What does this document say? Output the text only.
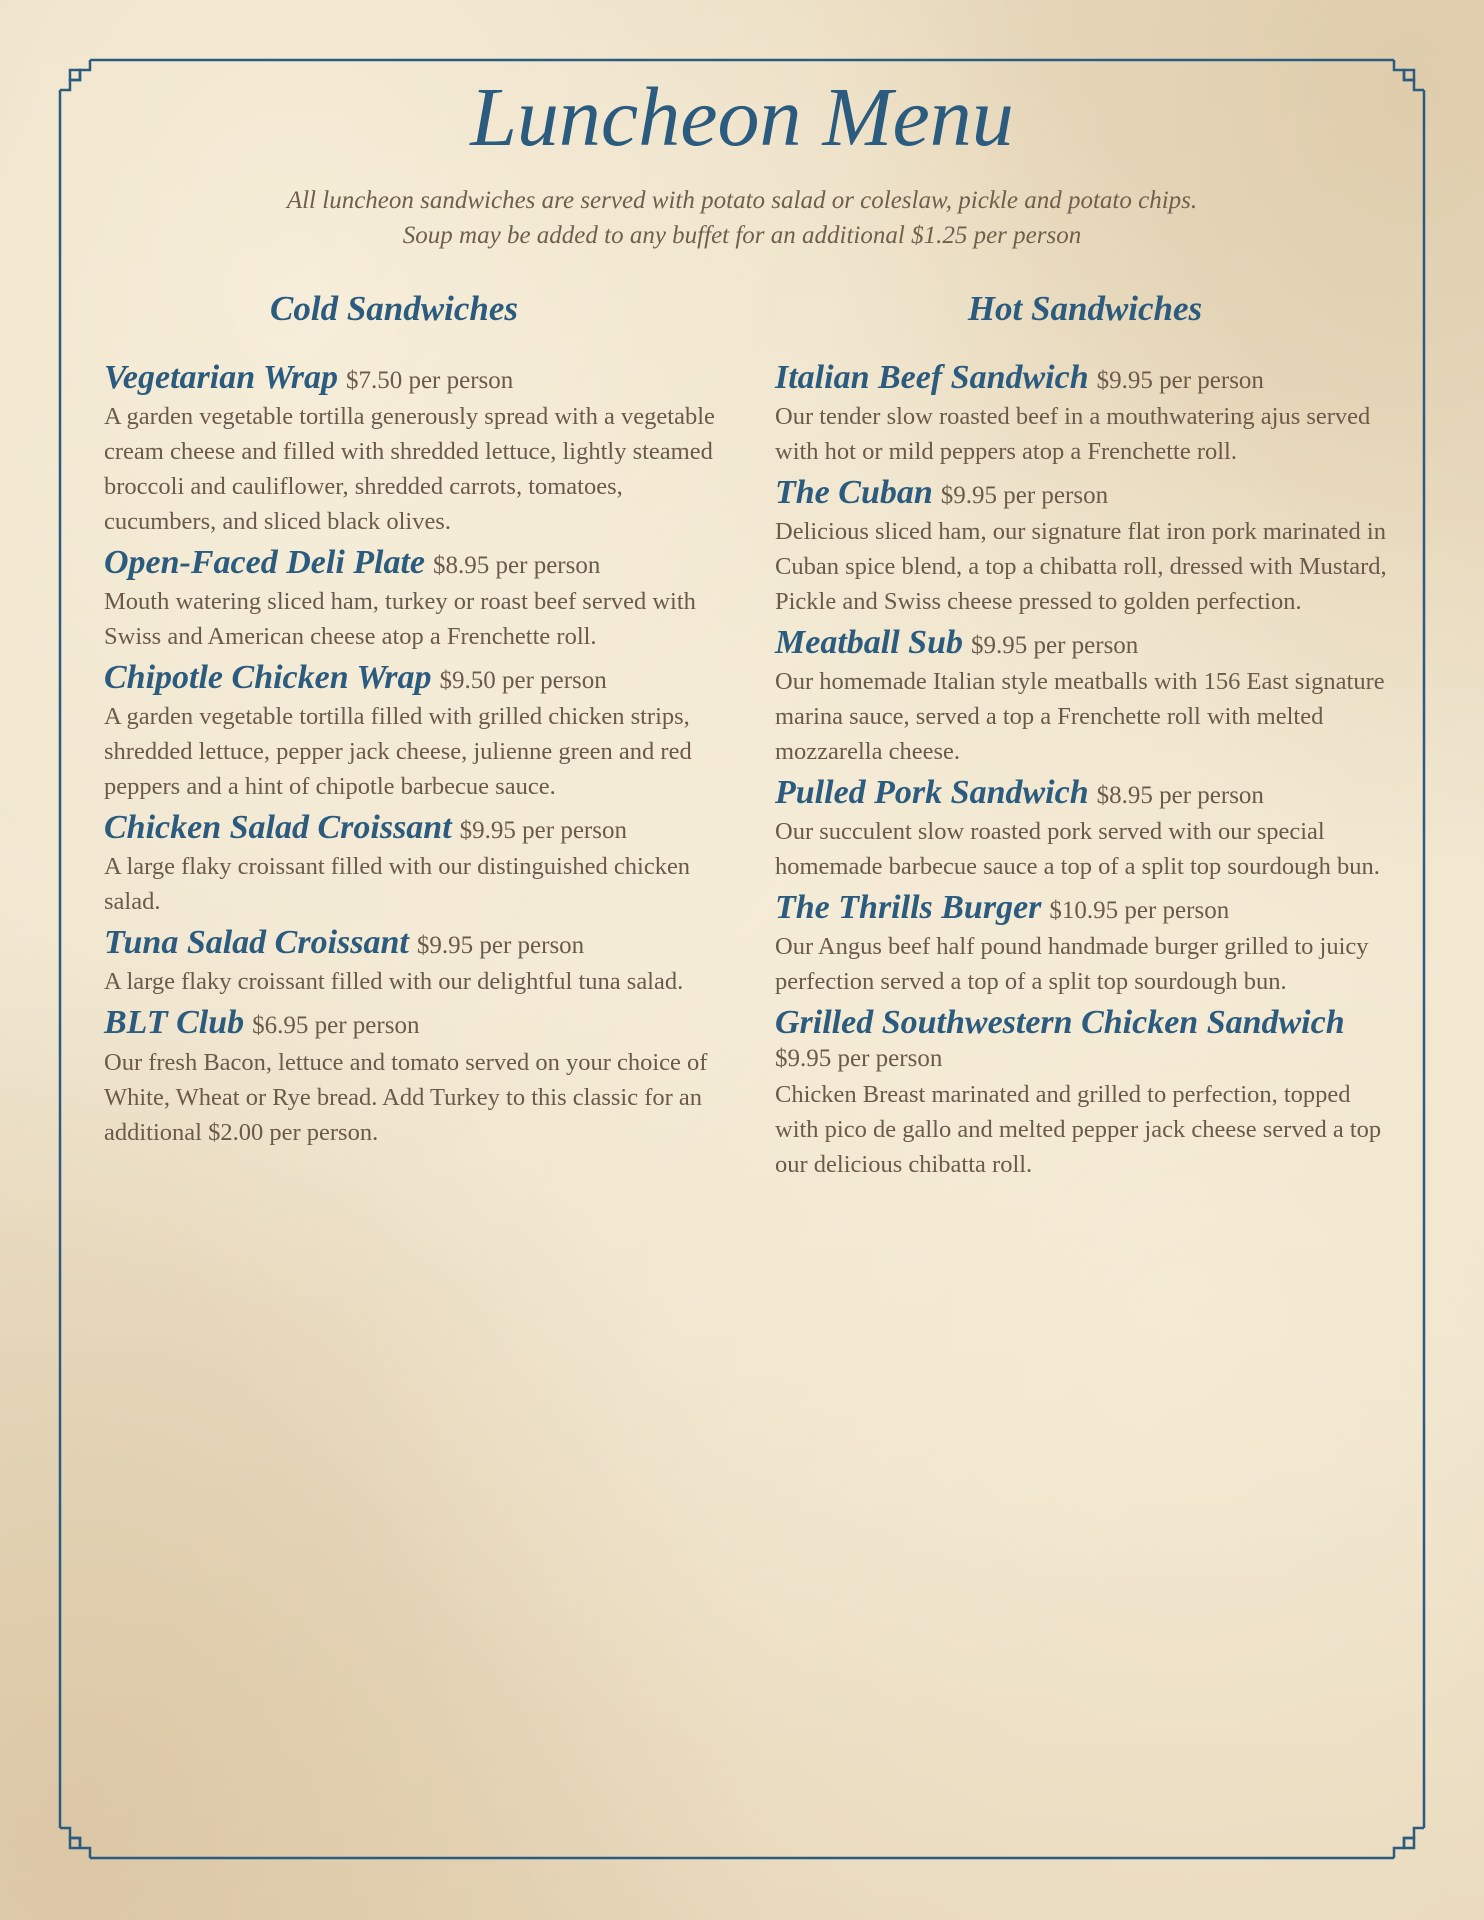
Luncheon Menu

All luncheon sandwiches are served with potato salad or coleslaw, pickle and potato chips.

Soup may be added to any buffet for an additional $1.25 per person

Cold Sandwiches

Vegetarian Wrap $7.50 per person

A garden vegetable tortilla generously spread with a vegetable cream cheese and filled with shredded lettuce, lightly steamed broccoli and cauliflower, shredded carrots, tomatoes, cucumbers, and sliced black olives.

Open-Faced Deli Plate $8.95 per person

Mouth watering sliced ham, turkey or roast beef served with Swiss and American cheese atop a Frenchette roll.

Chipotle Chicken Wrap $9.50 per person

A garden vegetable tortilla filled with grilled chicken strips, shredded lettuce, pepper jack cheese, julienne green and red peppers and a hint of chipotle barbecue sauce.

Chicken Salad Croissant $9.95 per person

A large flaky croissant filled with our distinguished chicken salad.

Tuna Salad Croissant $9.95 per person

A large flaky croissant filled with our delightful tuna salad.

BLT Club $6.95 per person

Our fresh Bacon, lettuce and tomato served on your choice of White, Wheat or Rye bread. Add Turkey to this classic for an additional $2.00 per person.

Hot Sandwiches

Italian Beef Sandwich $9.95 per person

Our tender slow roasted beef in a mouthwatering ajus served with hot or mild peppers atop a Frenchette roll.

The Cuban $9.95 per person

Delicious sliced ham, our signature flat iron pork marinated in Cuban spice blend, a top a chibatta roll, dressed with Mustard, Pickle and Swiss cheese pressed to golden perfection.

Meatball Sub $9.95 per person

Our homemade Italian style meatballs with 156 East signature marina sauce, served a top a Frenchette roll with melted mozzarella cheese.

Pulled Pork Sandwich $8.95 per person

Our succulent slow roasted pork served with our special homemade barbecue sauce a top of a split top sourdough bun.

The Thrills Burger $10.95 per person

Our Angus beef half pound handmade burger grilled to juicy perfection served a top of a split top sourdough bun.

Grilled Southwestern Chicken Sandwich
$9.95 per person

Chicken Breast marinated and grilled to perfection, topped with pico de gallo and melted pepper jack cheese served a top our delicious chibatta roll.
